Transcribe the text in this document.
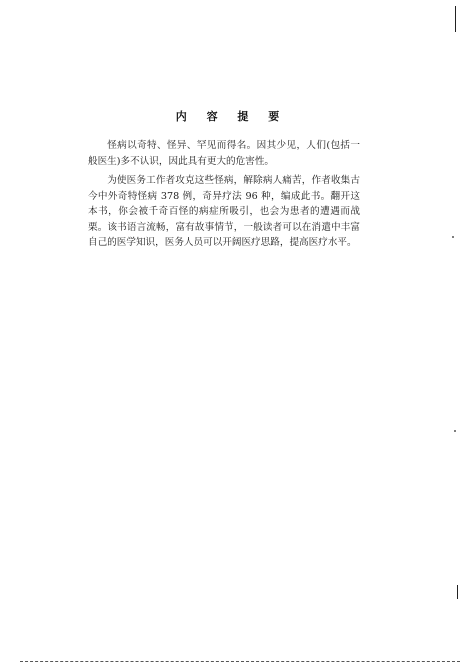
内 容 提 要

怪病以奇特、怪异、罕见而得名。因其少见，人们(包括一般医生)多不认识，因此具有更大的危害性。

为使医务工作者攻克这些怪病，解除病人痛苦，作者收集古今中外奇特怪病 378 例，奇异疗法 96 种，编成此书。翻开这本书，你会被千奇百怪的病症所吸引，也会为患者的遭遇而战栗。该书语言流畅，富有故事情节，一般读者可以在消遣中丰富自己的医学知识，医务人员可以开阔医疗思路，提高医疗水平。
